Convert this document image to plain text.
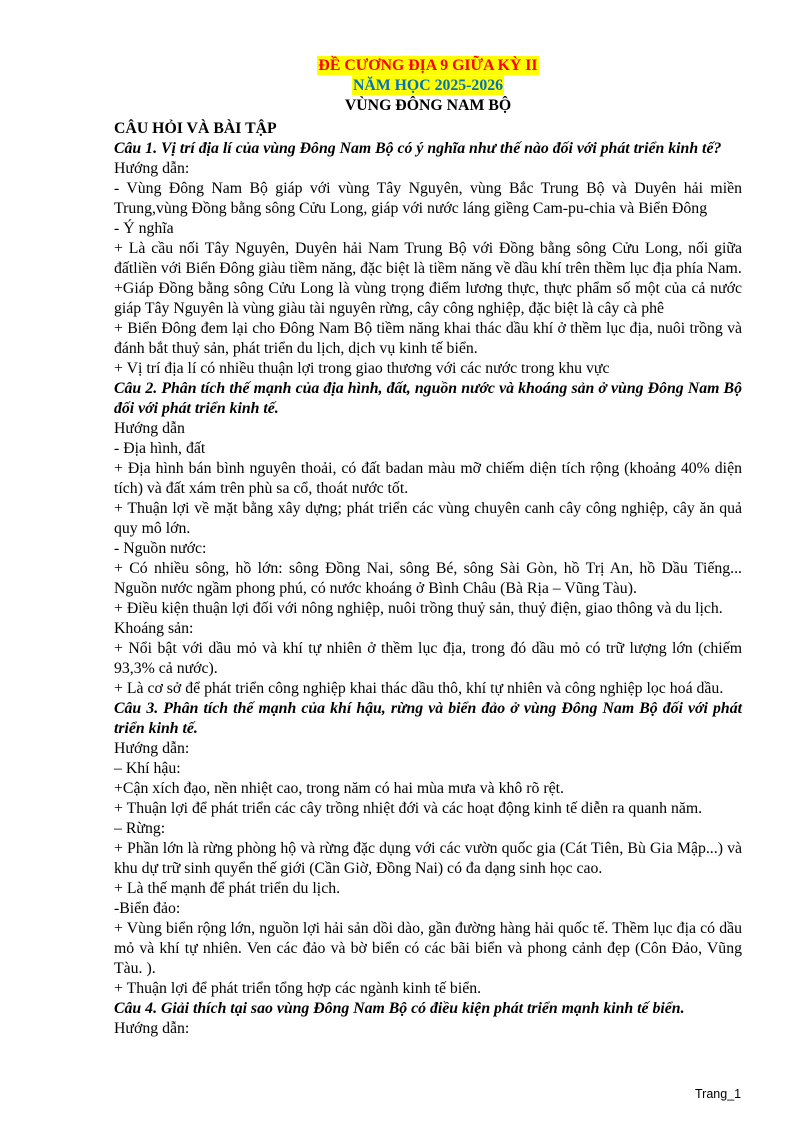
ĐỀ CƯƠNG ĐỊA 9 GIỮA KỲ II
NĂM HỌC 2025-2026
VÙNG ĐÔNG NAM BỘ
CÂU HỎI VÀ BÀI TẬP

Câu 1. Vị trí địa lí của vùng Đông Nam Bộ có ý nghĩa như thế nào đối với phát triển kinh tế?

Hướng dẫn:

- Vùng Đông Nam Bộ giáp với vùng Tây Nguyên, vùng Bắc Trung Bộ và Duyên hải miền Trung,vùng Đồng bằng sông Cửu Long, giáp với nước láng giềng Cam-pu-chia và Biển Đông

- Ý nghĩa

+ Là cầu nối Tây Nguyên, Duyên hải Nam Trung Bộ với Đồng bằng sông Cửu Long, nối giữa đấtliền với Biển Đông giàu tiềm năng, đặc biệt là tiềm năng về dầu khí trên thềm lục địa phía Nam.

+Giáp Đồng bằng sông Cửu Long là vùng trọng điểm lương thực, thực phẩm số một của cả nước giáp Tây Nguyên là vùng giàu tài nguyên rừng, cây công nghiệp, đặc biệt là cây cà phê

+ Biển Đông đem lại cho Đông Nam Bộ tiềm năng khai thác dầu khí ở thềm lục địa, nuôi trồng và đánh bắt thuỷ sản, phát triển du lịch, dịch vụ kinh tế biển.

+ Vị trí địa lí có nhiều thuận lợi trong giao thương với các nước trong khu vực

Câu 2. Phân tích thế mạnh của địa hình, đất, nguồn nước và khoáng sản ở vùng Đông Nam Bộ đối với phát triển kinh tế.

Hướng dẫn

- Địa hình, đất

+ Địa hình bán bình nguyên thoải, có đất badan màu mỡ chiếm diện tích rộng (khoảng 40% diện tích) và đất xám trên phù sa cổ, thoát nước tốt.

+ Thuận lợi về mặt bằng xây dựng; phát triển các vùng chuyên canh cây công nghiệp, cây ăn quả quy mô lớn.

- Nguồn nước:

+ Có nhiều sông, hồ lớn: sông Đồng Nai, sông Bé, sông Sài Gòn, hồ Trị An, hồ Dầu Tiếng... Nguồn nước ngầm phong phú, có nước khoáng ở Bình Châu (Bà Rịa – Vũng Tàu).

+ Điều kiện thuận lợi đối với nông nghiệp, nuôi trồng thuỷ sản, thuỷ điện, giao thông và du lịch.

Khoáng sản:

+ Nổi bật với dầu mỏ và khí tự nhiên ở thềm lục địa, trong đó dầu mỏ có trữ lượng lớn (chiếm 93,3% cả nước).

+ Là cơ sở để phát triển công nghiệp khai thác dầu thô, khí tự nhiên và công nghiệp lọc hoá dầu.

Câu 3. Phân tích thế mạnh của khí hậu, rừng và biển đảo ở vùng Đông Nam Bộ đối với phát triển kinh tế.

Hướng dẫn:

– Khí hậu:

+Cận xích đạo, nền nhiệt cao, trong năm có hai mùa mưa và khô rõ rệt.

+ Thuận lợi để phát triển các cây trồng nhiệt đới và các hoạt động kinh tế diễn ra quanh năm.

– Rừng:

+ Phần lớn là rừng phòng hộ và rừng đặc dụng với các vườn quốc gia (Cát Tiên, Bù Gia Mập...) và khu dự trữ sinh quyển thế giới (Cần Giờ, Đồng Nai) có đa dạng sinh học cao.

+ Là thế mạnh để phát triển du lịch.

-Biển đảo:

+ Vùng biển rộng lớn, nguồn lợi hải sản dồi dào, gần đường hàng hải quốc tế. Thềm lục địa có dầu mỏ và khí tự nhiên. Ven các đảo và bờ biển có các bãi biển và phong cảnh đẹp (Côn Đảo, Vũng Tàu. ).

+ Thuận lợi để phát triển tổng hợp các ngành kinh tế biển.

Câu 4. Giải thích tại sao vùng Đông Nam Bộ có điều kiện phát triển mạnh kinh tế biển.

Hướng dẫn:

Trang_1
